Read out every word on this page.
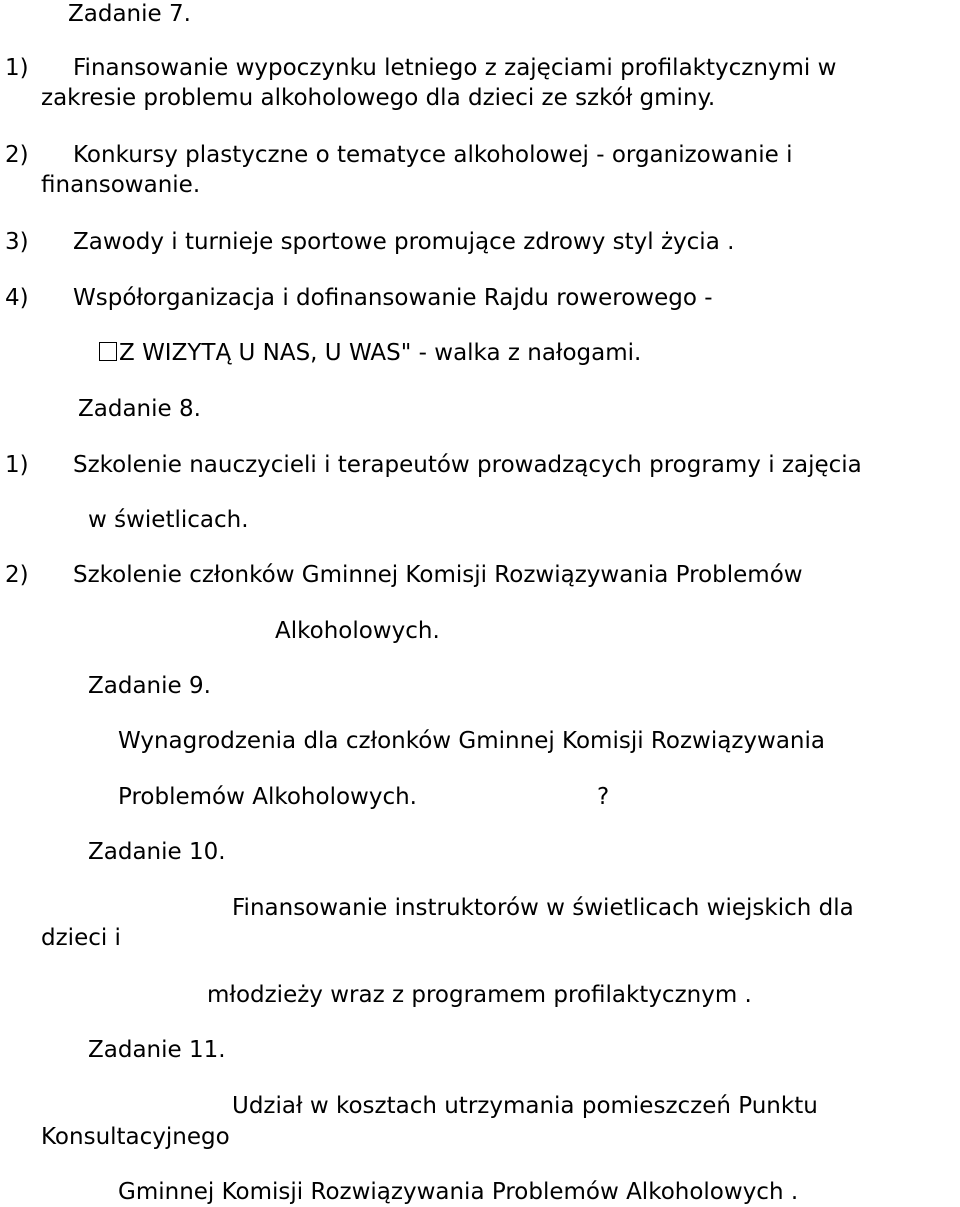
Zadanie 7.
1) Finansowanie wypoczynku letniego z zajęciami profilaktycznymi w
zakresie problemu alkoholowego dla dzieci ze szkół gminy.
2) Konkursy plastyczne o tematyce alkoholowej - organizowanie i
finansowanie.
3) Zawody i turnieje sportowe promujące zdrowy styl życia .
4) Współorganizacja i dofinansowanie Rajdu rowerowego -
Z WIZYTĄ U NAS, U WAS" - walka z nałogami.
Zadanie 8.
1) Szkolenie nauczycieli i terapeutów prowadzących programy i zajęcia
w świetlicach.
2) Szkolenie członków Gminnej Komisji Rozwiązywania Problemów
Alkoholowych.
Zadanie 9.
Wynagrodzenia dla członków Gminnej Komisji Rozwiązywania
Problemów Alkoholowych.	?
Zadanie 10.
Finansowanie instruktorów w świetlicach wiejskich dla
dzieci i
młodzieży wraz z programem profilaktycznym .
Zadanie 11.
Udział w kosztach utrzymania pomieszczeń Punktu
Konsultacyjnego
Gminnej Komisji Rozwiązywania Problemów Alkoholowych .
